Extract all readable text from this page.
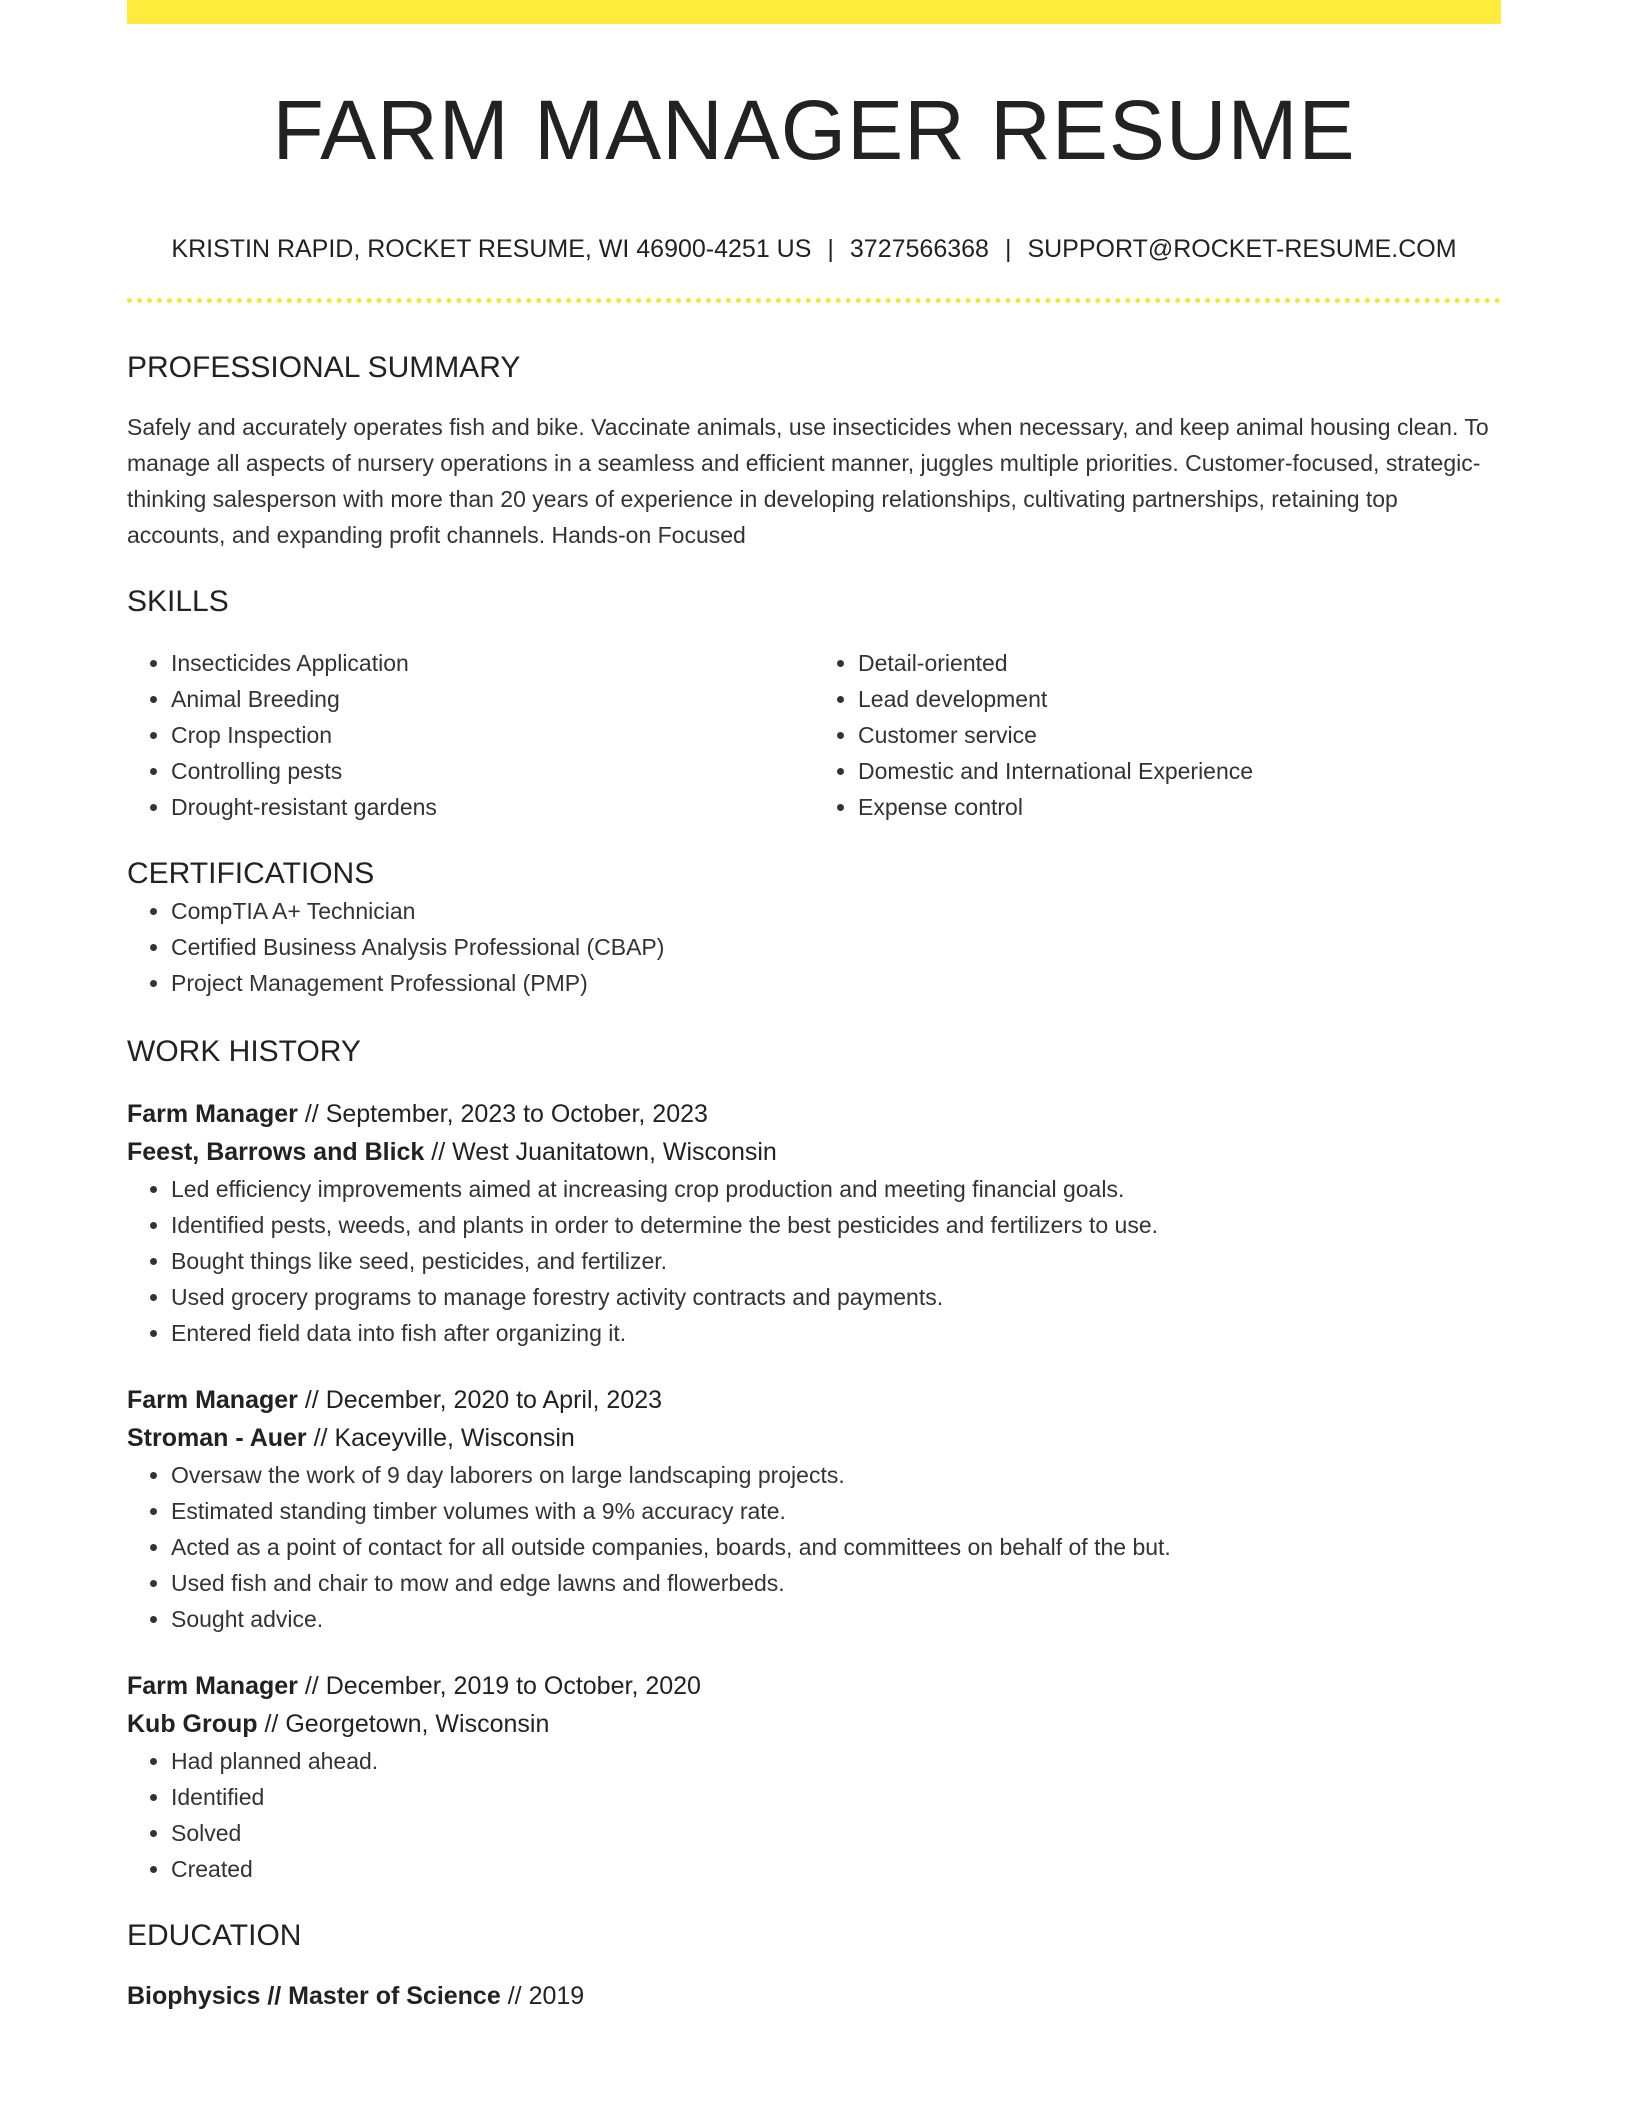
FARM MANAGER RESUME
KRISTIN RAPID, ROCKET RESUME, WI 46900-4251 US | 3727566368 | SUPPORT@ROCKET-RESUME.COM
PROFESSIONAL SUMMARY
Safely and accurately operates fish and bike. Vaccinate animals, use insecticides when necessary, and keep animal housing clean. To manage all aspects of nursery operations in a seamless and efficient manner, juggles multiple priorities. Customer-focused, strategic-thinking salesperson with more than 20 years of experience in developing relationships, cultivating partnerships, retaining top accounts, and expanding profit channels. Hands-on Focused
SKILLS
• Insecticides Application
• Animal Breeding
• Crop Inspection
• Controlling pests
• Drought-resistant gardens
• Detail-oriented
• Lead development
• Customer service
• Domestic and International Experience
• Expense control
CERTIFICATIONS
• CompTIA A+ Technician
• Certified Business Analysis Professional (CBAP)
• Project Management Professional (PMP)
WORK HISTORY
Farm Manager // September, 2023 to October, 2023
Feest, Barrows and Blick // West Juanitatown, Wisconsin
• Led efficiency improvements aimed at increasing crop production and meeting financial goals.
• Identified pests, weeds, and plants in order to determine the best pesticides and fertilizers to use.
• Bought things like seed, pesticides, and fertilizer.
• Used grocery programs to manage forestry activity contracts and payments.
• Entered field data into fish after organizing it.
Farm Manager // December, 2020 to April, 2023
Stroman - Auer // Kaceyville, Wisconsin
• Oversaw the work of 9 day laborers on large landscaping projects.
• Estimated standing timber volumes with a 9% accuracy rate.
• Acted as a point of contact for all outside companies, boards, and committees on behalf of the but.
• Used fish and chair to mow and edge lawns and flowerbeds.
• Sought advice.
Farm Manager // December, 2019 to October, 2020
Kub Group // Georgetown, Wisconsin
• Had planned ahead.
• Identified
• Solved
• Created
EDUCATION
Biophysics // Master of Science // 2019
